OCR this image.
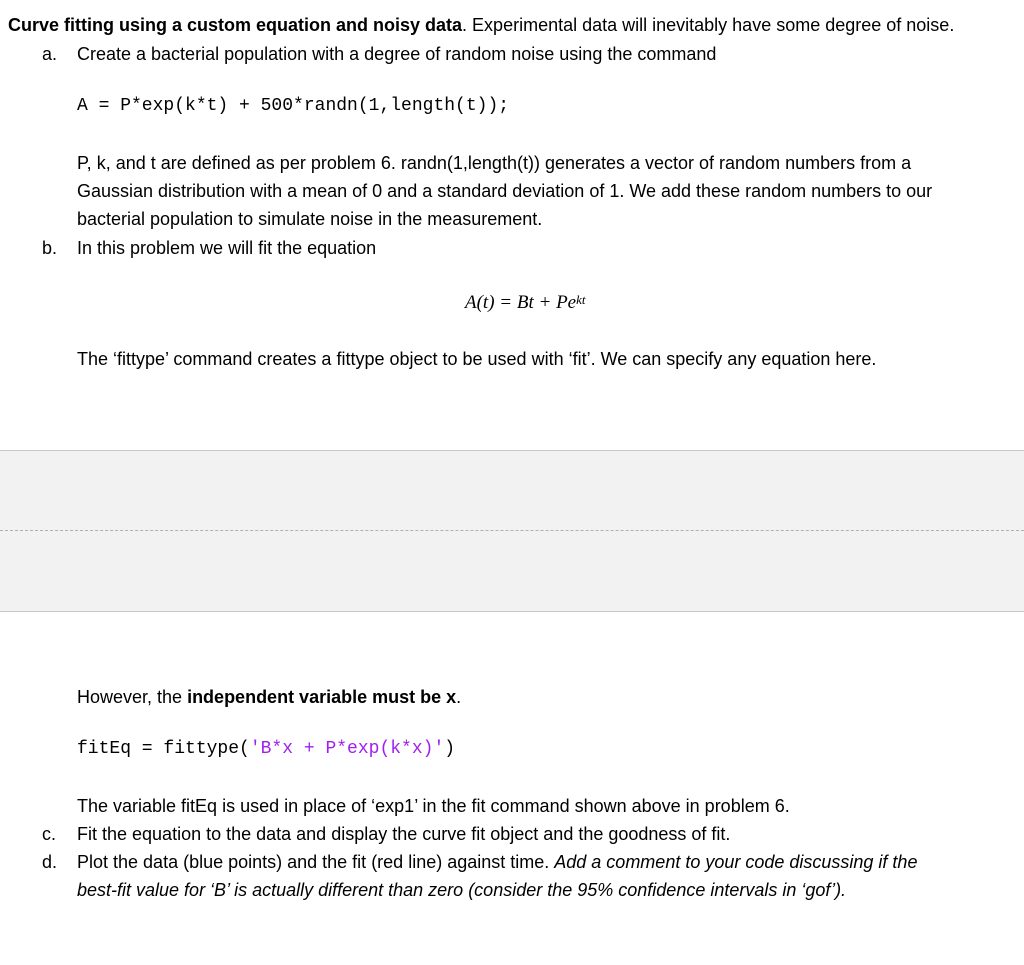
Curve fitting using a custom equation and noisy data. Experimental data will inevitably have some degree of noise.
a. Create a bacterial population with a degree of random noise using the command
A = P*exp(k*t) + 500*randn(1,length(t));
P, k, and t are defined as per problem 6. randn(1,length(t)) generates a vector of random numbers from a
Gaussian distribution with a mean of 0 and a standard deviation of 1. We add these random numbers to our
bacterial population to simulate noise in the measurement.
b. In this problem we will fit the equation
$A(t) = Bt + Pe^{kt}$
The ‘fittype’ command creates a fittype object to be used with ‘fit’. We can specify any equation here.
However, the independent variable must be x.
fitEq = fittype('B*x + P*exp(k*x)')
The variable fitEq is used in place of ‘exp1’ in the fit command shown above in problem 6.
c. Fit the equation to the data and display the curve fit object and the goodness of fit.
d. Plot the data (blue points) and the fit (red line) against time. Add a comment to your code discussing if the
best-fit value for ‘B’ is actually different than zero (consider the 95% confidence intervals in ‘gof’).
